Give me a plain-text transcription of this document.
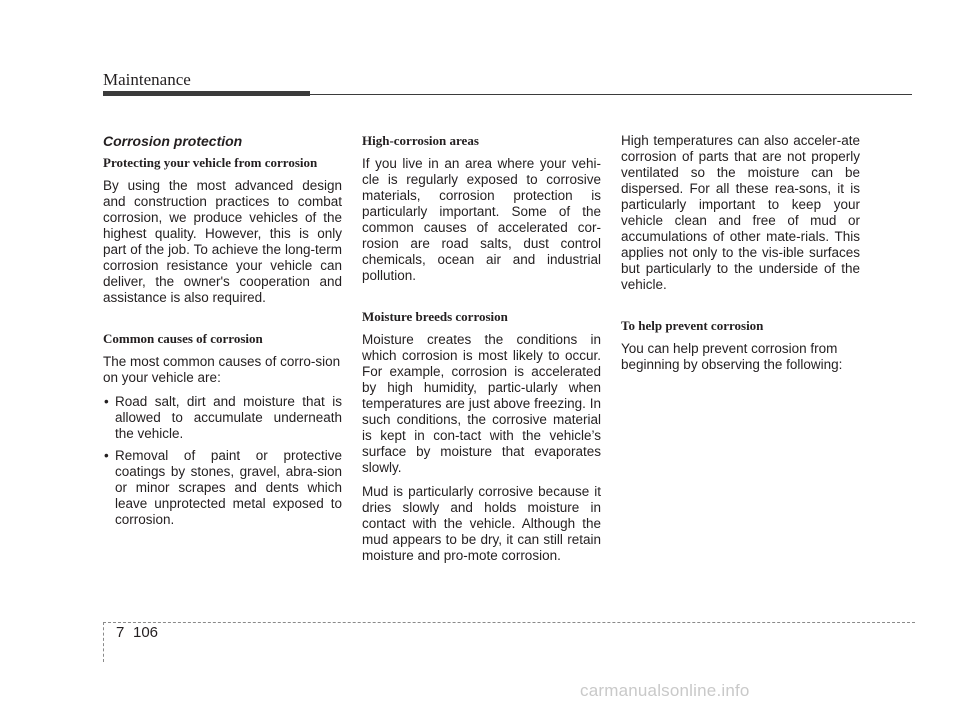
Maintenance
Corrosion protection
Protecting your vehicle from corrosion

By using the most advanced design and construction practices to combat corrosion, we produce vehicles of the highest quality. However, this is only part of the job. To achieve the long-term corrosion resistance your vehicle can deliver, the owner's cooperation and assistance is also required.

Common causes of corrosion

The most common causes of corro-sion on your vehicle are:

• Road salt, dirt and moisture that is allowed to accumulate underneath the vehicle.
• Removal of paint or protective coatings by stones, gravel, abra-sion or minor scrapes and dents which leave unprotected metal exposed to corrosion.
High-corrosion areas

If you live in an area where your vehi-cle is regularly exposed to corrosive materials, corrosion protection is particularly important. Some of the common causes of accelerated cor-rosion are road salts, dust control chemicals, ocean air and industrial pollution.

Moisture breeds corrosion

Moisture creates the conditions in which corrosion is most likely to occur. For example, corrosion is accelerated by high humidity, partic-ularly when temperatures are just above freezing. In such conditions, the corrosive material is kept in con-tact with the vehicle’s surface by moisture that evaporates slowly.

Mud is particularly corrosive because it dries slowly and holds moisture in contact with the vehicle. Although the mud appears to be dry, it can still retain moisture and pro-mote corrosion.

High temperatures can also acceler-ate corrosion of parts that are not properly ventilated so the moisture can be dispersed. For all these rea-sons, it is particularly important to keep your vehicle clean and free of mud or accumulations of other mate-rials. This applies not only to the vis-ible surfaces but particularly to the underside of the vehicle.

To help prevent corrosion

You can help prevent corrosion from beginning by observing the following:

7 106
carmanualsonline.info
